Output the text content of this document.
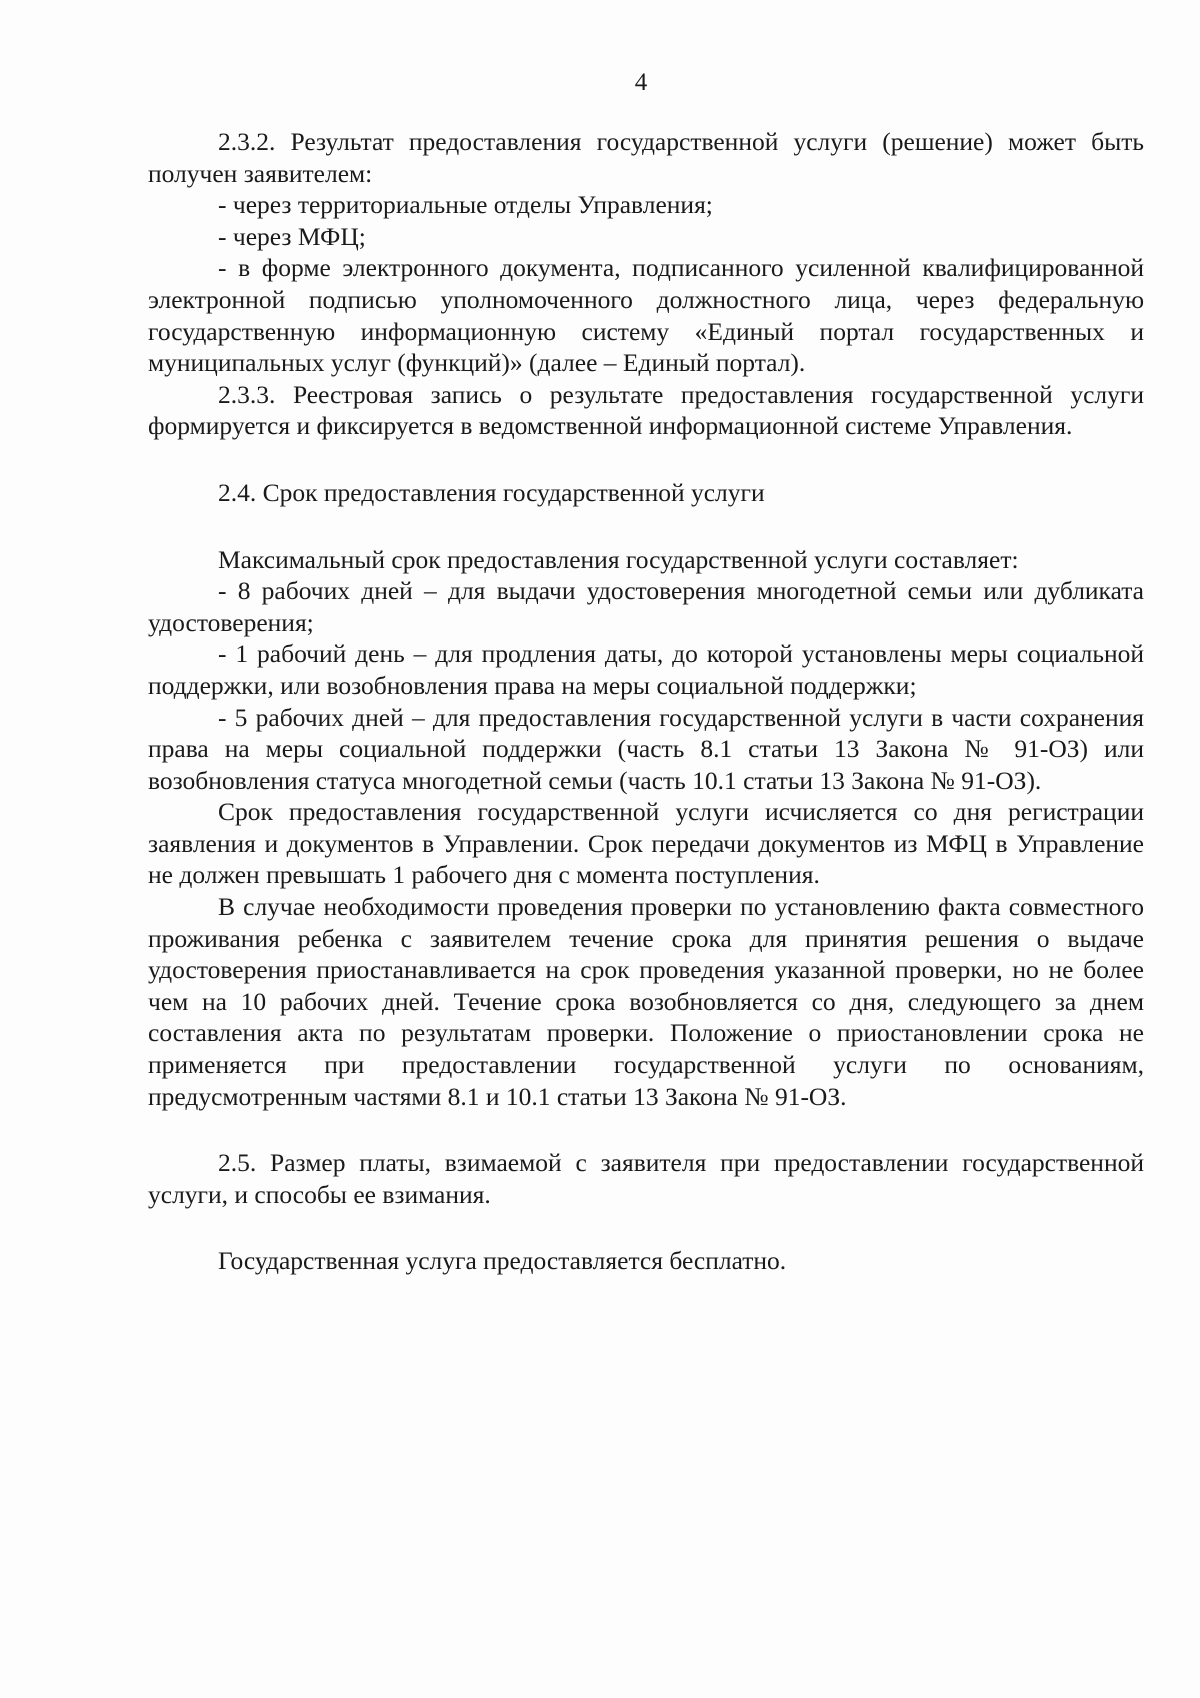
4

2.3.2. Результат предоставления государственной услуги (решение) может быть получен заявителем:

- через территориальные отделы Управления;

- через МФЦ;

- в форме электронного документа, подписанного усиленной квалифицированной электронной подписью уполномоченного должностного лица, через федеральную государственную информационную систему «Единый портал государственных и муниципальных услуг (функций)» (далее – Единый портал).

2.3.3. Реестровая запись о результате предоставления государственной услуги формируется и фиксируется в ведомственной информационной системе Управления.

2.4. Срок предоставления государственной услуги

Максимальный срок предоставления государственной услуги составляет:

- 8 рабочих дней – для выдачи удостоверения многодетной семьи или дубликата удостоверения;

- 1 рабочий день – для продления даты, до которой установлены меры социальной поддержки, или возобновления права на меры социальной поддержки;

- 5 рабочих дней – для предоставления государственной услуги в части сохранения права на меры социальной поддержки (часть 8.1 статьи 13 Закона № 91-ОЗ) или возобновления статуса многодетной семьи (часть 10.1 статьи 13 Закона № 91-ОЗ).

Срок предоставления государственной услуги исчисляется со дня регистрации заявления и документов в Управлении. Срок передачи документов из МФЦ в Управление не должен превышать 1 рабочего дня с момента поступления.

В случае необходимости проведения проверки по установлению факта совместного проживания ребенка с заявителем течение срока для принятия решения о выдаче удостоверения приостанавливается на срок проведения указанной проверки, но не более чем на 10 рабочих дней. Течение срока возобновляется со дня, следующего за днем составления акта по результатам проверки. Положение о приостановлении срока не применяется при предоставлении государственной услуги по основаниям, предусмотренным частями 8.1 и 10.1 статьи 13 Закона № 91-ОЗ.

2.5. Размер платы, взимаемой с заявителя при предоставлении государственной услуги, и способы ее взимания.

Государственная услуга предоставляется бесплатно.
